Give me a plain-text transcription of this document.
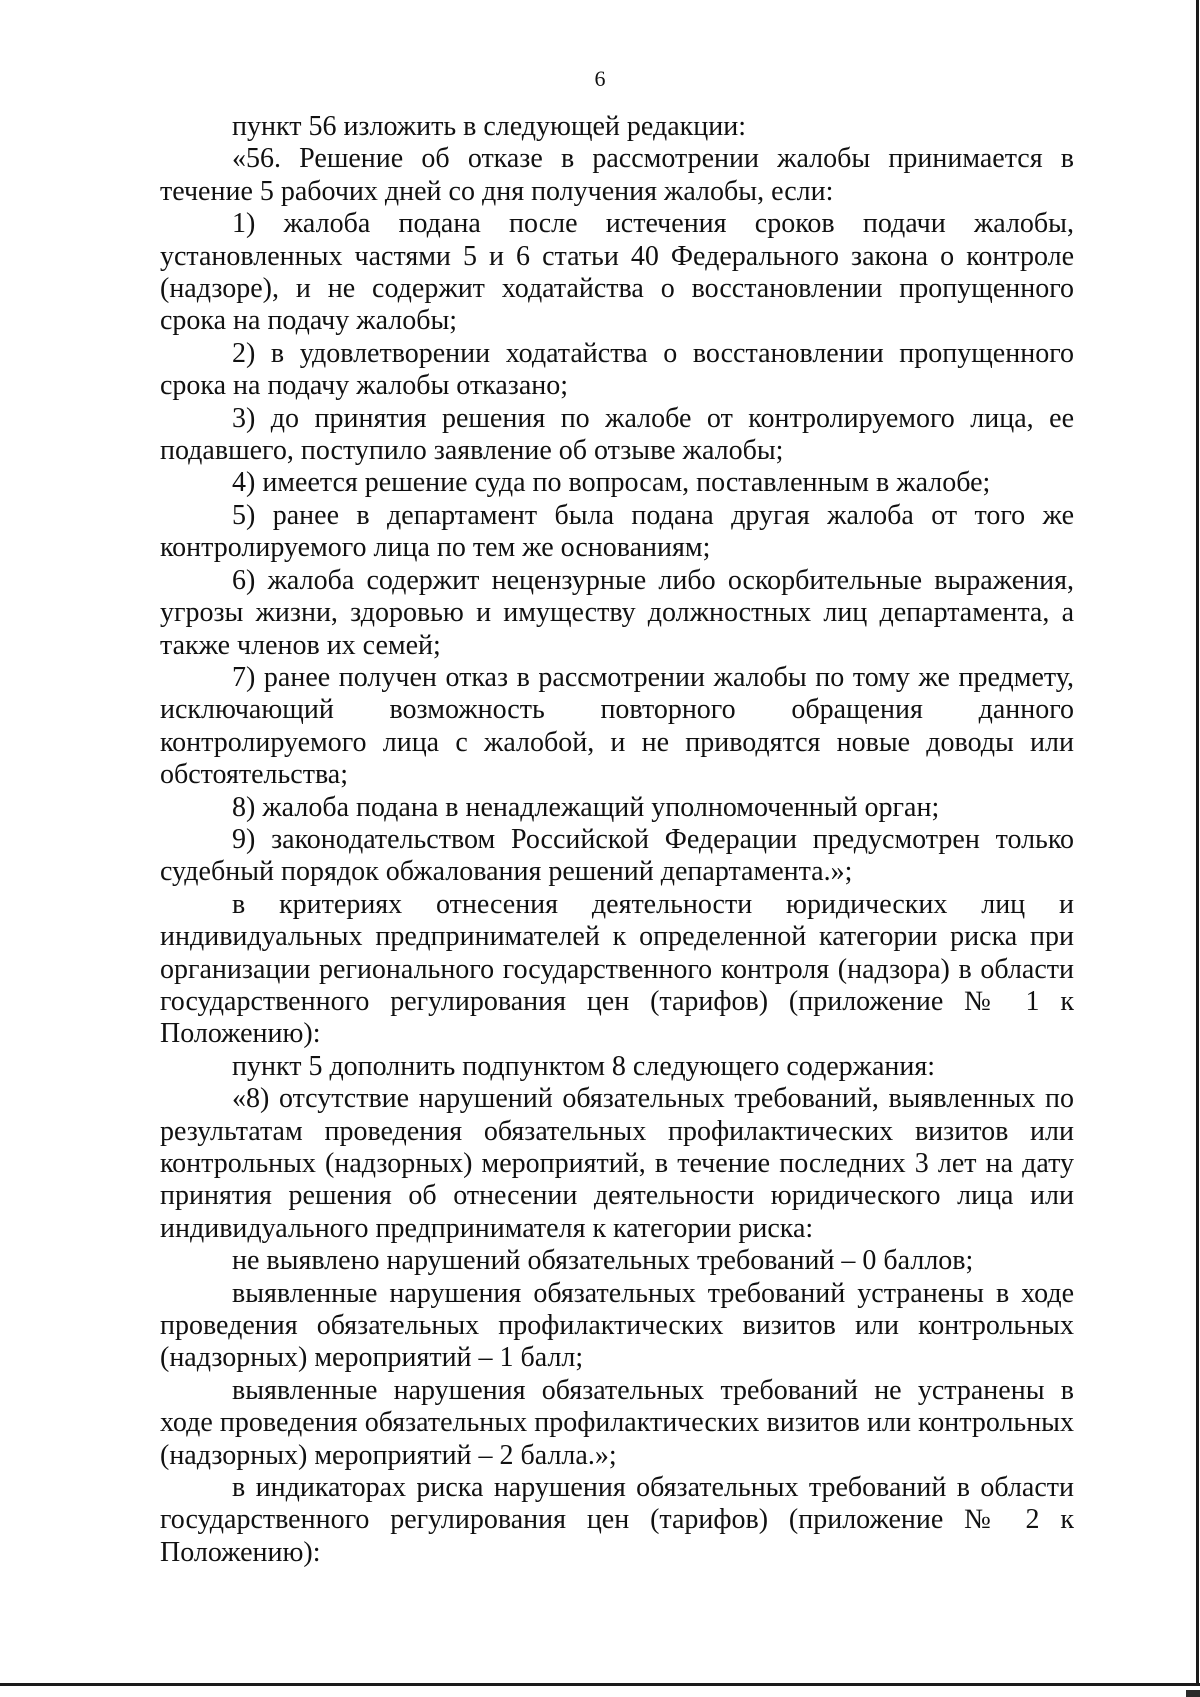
6

пункт 56 изложить в следующей редакции:

«56. Решение об отказе в рассмотрении жалобы принимается в течение 5 рабочих дней со дня получения жалобы, если:

1) жалоба подана после истечения сроков подачи жалобы, установленных частями 5 и 6 статьи 40 Федерального закона о контроле (надзоре), и не содержит ходатайства о восстановлении пропущенного срока на подачу жалобы;

2) в удовлетворении ходатайства о восстановлении пропущенного срока на подачу жалобы отказано;

3) до принятия решения по жалобе от контролируемого лица, ее подавшего, поступило заявление об отзыве жалобы;

4) имеется решение суда по вопросам, поставленным в жалобе;

5) ранее в департамент была подана другая жалоба от того же контролируемого лица по тем же основаниям;

6) жалоба содержит нецензурные либо оскорбительные выражения, угрозы жизни, здоровью и имуществу должностных лиц департамента, а также членов их семей;

7) ранее получен отказ в рассмотрении жалобы по тому же предмету, исключающий возможность повторного обращения данного контролируемого лица с жалобой, и не приводятся новые доводы или обстоятельства;

8) жалоба подана в ненадлежащий уполномоченный орган;

9) законодательством Российской Федерации предусмотрен только судебный порядок обжалования решений департамента.»;

в критериях отнесения деятельности юридических лиц и индивидуальных предпринимателей к определенной категории риска при организации регионального государственного контроля (надзора) в области государственного регулирования цен (тарифов) (приложение № 1 к Положению):

пункт 5 дополнить подпунктом 8 следующего содержания:

«8) отсутствие нарушений обязательных требований, выявленных по результатам проведения обязательных профилактических визитов или контрольных (надзорных) мероприятий, в течение последних 3 лет на дату принятия решения об отнесении деятельности юридического лица или индивидуального предпринимателя к категории риска:

не выявлено нарушений обязательных требований – 0 баллов;

выявленные нарушения обязательных требований устранены в ходе проведения обязательных профилактических визитов или контрольных (надзорных) мероприятий – 1 балл;

выявленные нарушения обязательных требований не устранены в ходе проведения обязательных профилактических визитов или контрольных (надзорных) мероприятий – 2 балла.»;

в индикаторах риска нарушения обязательных требований в области государственного регулирования цен (тарифов) (приложение № 2 к Положению):
